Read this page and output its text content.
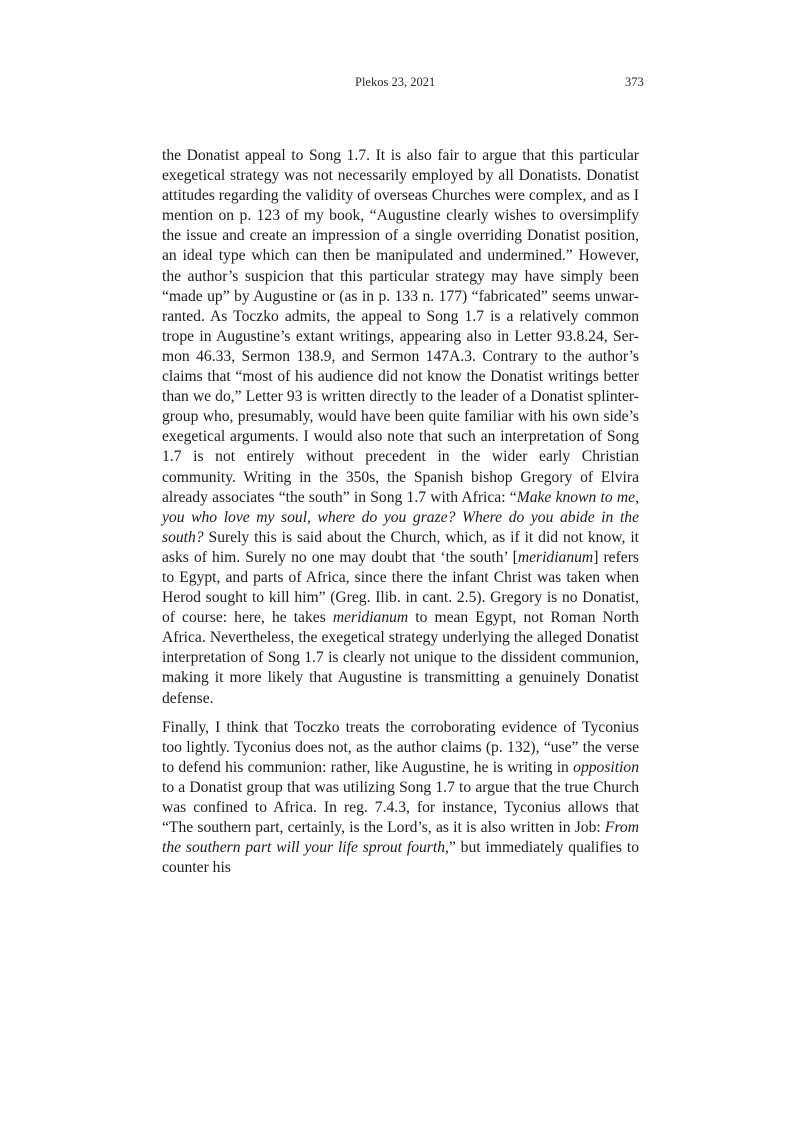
Plekos 23, 2021	373

the Donatist appeal to Song 1.7. It is also fair to argue that this particular exegetical strategy was not necessarily employed by all Donatists. Donatist attitudes regarding the validity of overseas Churches were complex, and as I mention on p. 123 of my book, “Augustine clearly wishes to oversimplify the issue and create an impression of a single overriding Donatist position, an ideal type which can then be manipulated and undermined.” However, the author’s suspicion that this particular strategy may have simply been “made up” by Augustine or (as in p. 133 n. 177) “fabricated” seems unwarranted. As Toczko admits, the appeal to Song 1.7 is a relatively common trope in Augustine’s extant writings, appearing also in Letter 93.8.24, Sermon 46.33, Sermon 138.9, and Sermon 147A.3. Contrary to the author’s claims that “most of his audience did not know the Donatist writings better than we do,” Letter 93 is written directly to the leader of a Donatist splinter-group who, presumably, would have been quite familiar with his own side’s exegetical arguments. I would also note that such an interpretation of Song 1.7 is not entirely without precedent in the wider early Christian community. Writing in the 350s, the Spanish bishop Gregory of Elvira already associates “the south” in Song 1.7 with Africa: “Make known to me, you who love my soul, where do you graze? Where do you abide in the south? Surely this is said about the Church, which, as if it did not know, it asks of him. Surely no one may doubt that ‘the south’ [meridianum] refers to Egypt, and parts of Africa, since there the infant Christ was taken when Herod sought to kill him” (Greg. Ilib. in cant. 2.5). Gregory is no Donatist, of course: here, he takes meridianum to mean Egypt, not Roman North Africa. Nevertheless, the exegetical strategy underlying the alleged Donatist interpretation of Song 1.7 is clearly not unique to the dissident communion, making it more likely that Augustine is transmitting a genuinely Donatist defense.

Finally, I think that Toczko treats the corroborating evidence of Tyconius too lightly. Tyconius does not, as the author claims (p. 132), “use” the verse to defend his communion: rather, like Augustine, he is writing in opposition to a Donatist group that was utilizing Song 1.7 to argue that the true Church was confined to Africa. In reg. 7.4.3, for instance, Tyconius allows that “The southern part, certainly, is the Lord’s, as it is also written in Job: From the southern part will your life sprout fourth,” but immediately qualifies to counter his
